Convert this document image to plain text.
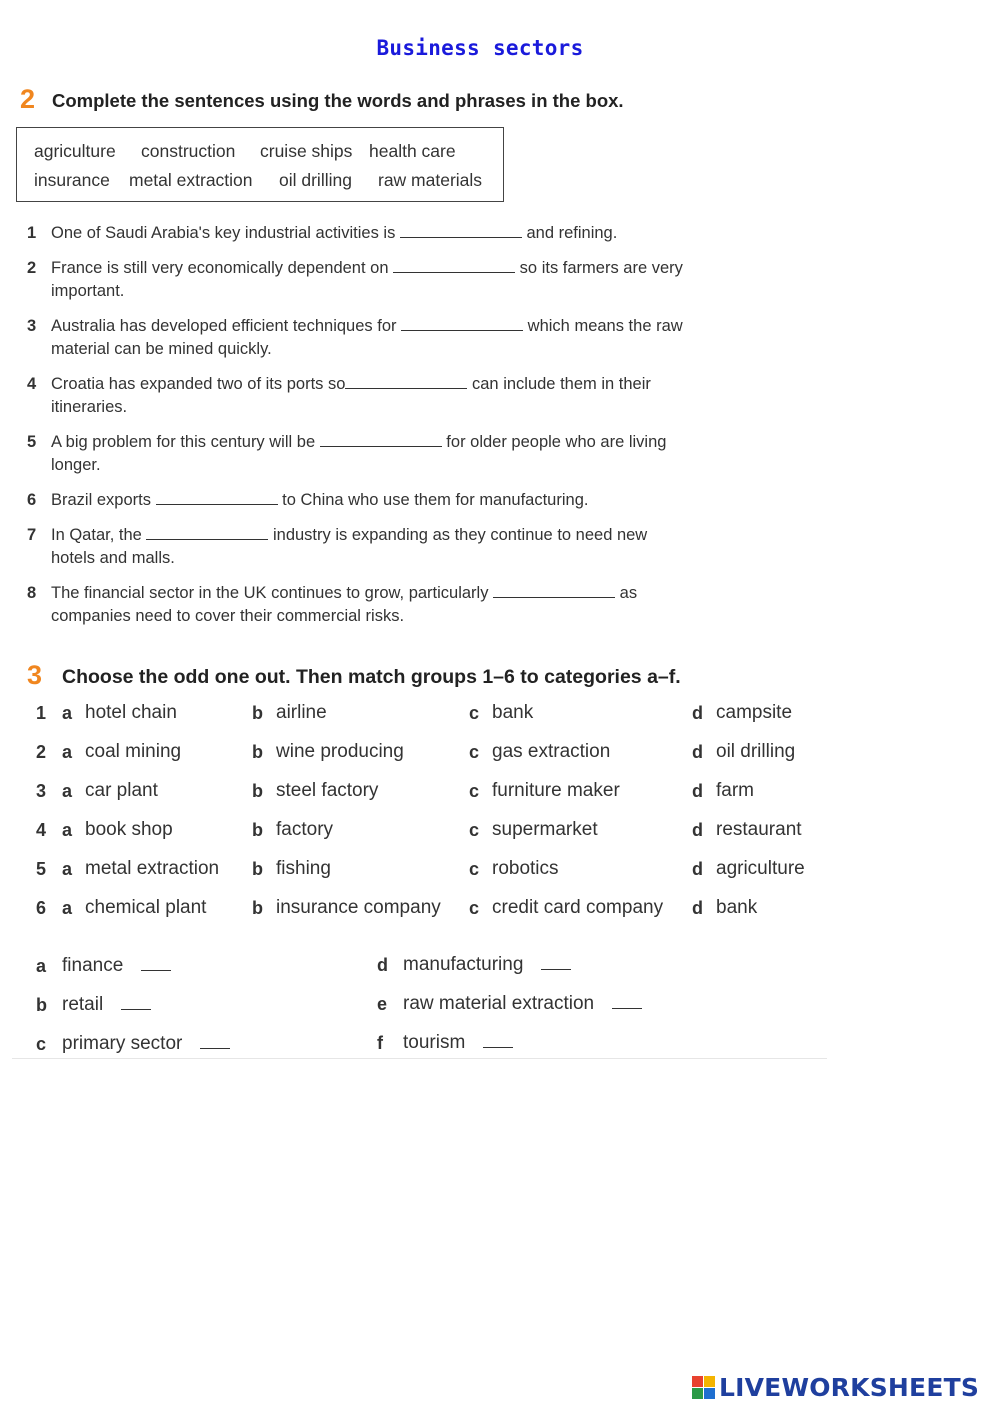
Business sectors
2 Complete the sentences using the words and phrases in the box.
agriculture construction cruise ships health care
insurance metal extraction oil drilling raw materials
1 One of Saudi Arabia's key industrial activities is	and refining.
2 France is still very economically dependent on	so its farmers are very
important.
3 Australia has developed efficient techniques for	which means the raw
material can be mined quickly.
4 Croatia has expanded two of its ports so	can include them in their
itineraries.
5 A big problem for this century will be	for older people who are living
longer.
6 Brazil exports	to China who use them for manufacturing.
7 In Qatar, the	industry is expanding as they continue to need new
hotels and malls.
8 The financial sector in the UK continues to grow, particularly	as
companies need to cover their commercial risks.
3 Choose the odd one out. Then match groups 1–6 to categories a–f.
1 a hotel chain	b airline	c bank	d campsite
2 a coal mining	b wine producing	c gas extraction	d oil drilling
3 a car plant	b steel factory	c furniture maker	d farm
4 a book shop	b factory	c supermarket	d restaurant
5 a metal extraction b fishing	c robotics	d agriculture
6 a chemical plant	b insurance company c credit card company d bank
a finance
b retail
c primary sector
d manufacturing
e raw material extraction
f tourism
LIVEWORKSHEETS
